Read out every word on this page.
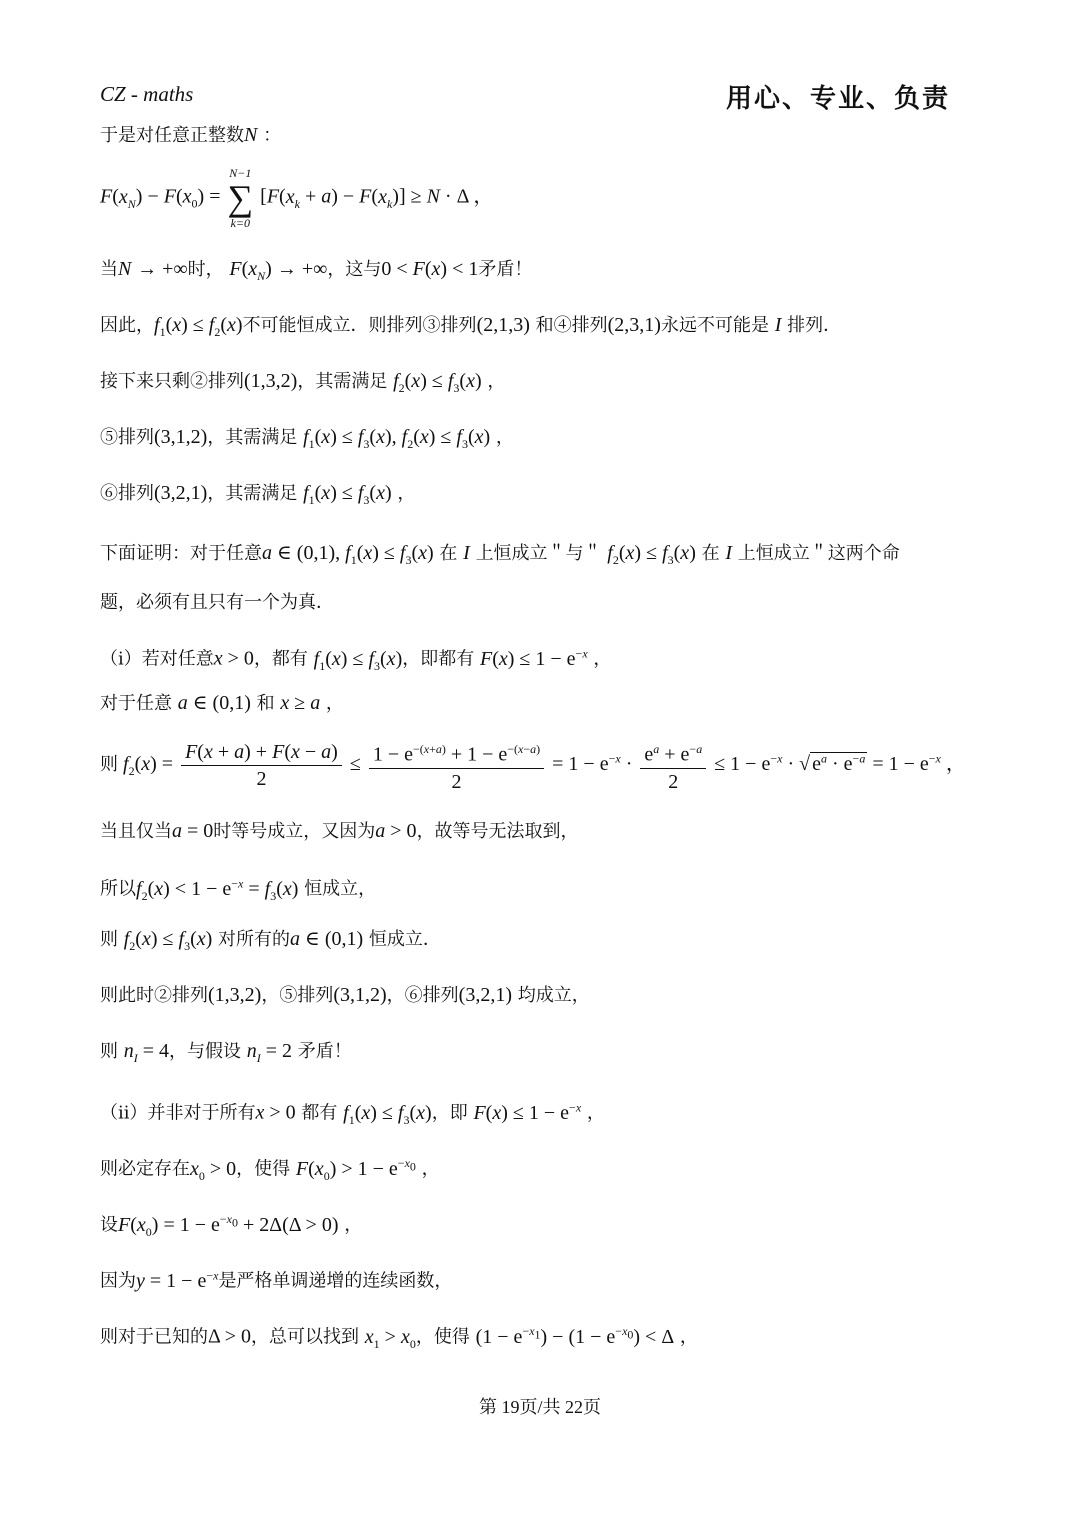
CZ - maths	用心、专业、负责
于是对任意正整数N ：
$F(x_N) - F(x_0)$ =
N−1
∑
k=0
$[F(x_k + a) - F(x_k)] \ge N \cdot \Delta$ ，
当N → +∞时， $F(x_N)$ → +∞，这与0 < F(x) < 1矛盾！
因此，$f_1(x) \le f_2(x)$不可能恒成立．则排列③排列(2,1,3) 和④排列(2,3,1)永远不可能是 I 排列．
接下来只剩②排列(1,3,2)，其需满足 $f_2(x) \le f_3(x)$ ，
⑤排列(3,1,2)，其需满足 $f_1(x) \le f_3(x)$, $f_2(x) \le f_3(x)$ ，
⑥排列(3,2,1)，其需满足 $f_1(x) \le f_3(x)$ ，
下面证明：对于任意a ∈ (0,1), $f_1(x) \le f_3(x)$ 在 I 上恒成立＂与＂ $f_2(x) \le f_3(x)$ 在 I 上恒成立＂这两个命
题，必须有且只有一个为真．
（i）若对任意x > 0，都有 $f_1(x) \le f_3(x)$，即都有 $F(x) \le 1 - e^{-x}$ ，
对于任意 a ∈ (0,1) 和 x ≥ a ，
则 $f_2(x) = \frac{F(x + a) + F(x - a)}{2} \le \frac{1 - e^{-(x+a)} + 1 - e^{-(x-a)}}{2} = 1 - e^{-x} \cdot \frac{e^a + e^{-a}}{2} \le 1 - e^{-x}$ · √ $e^a \cdot e^{-a} = 1 - e^{-x}$ ，
当且仅当a = 0时等号成立，又因为a > 0，故等号无法取到，
所以$f_2(x) < 1 - e^{-x} = f_3(x)$ 恒成立，
则 $f_2(x) \le f_3(x)$ 对所有的a ∈ (0,1) 恒成立．
则此时②排列(1,3,2)，⑤排列(3,1,2)，⑥排列(3,2,1) 均成立，
则 $n_I = 4$，与假设 $n_I = 2$ 矛盾！
（ii）并非对于所有x > 0 都有 $f_1(x) \le f_3(x)$，即 $F(x) \le 1 - e^{-x}$ ，
则必定存在$x_0 > 0$，使得 $F(x_0) > 1 - e^{-x_0}$ ，
设$F(x_0) = 1 - e^{-x_0} + 2\Delta(\Delta > 0)$ ，
因为$y = 1 - e^{-x}$是严格单调递增的连续函数，
则对于已知的Δ > 0，总可以找到 $x_1 > x_0$，使得 $(1 - e^{-x_1}) - (1 - e^{-x_0}) < \Delta$ ，
第 19页/共 22页
